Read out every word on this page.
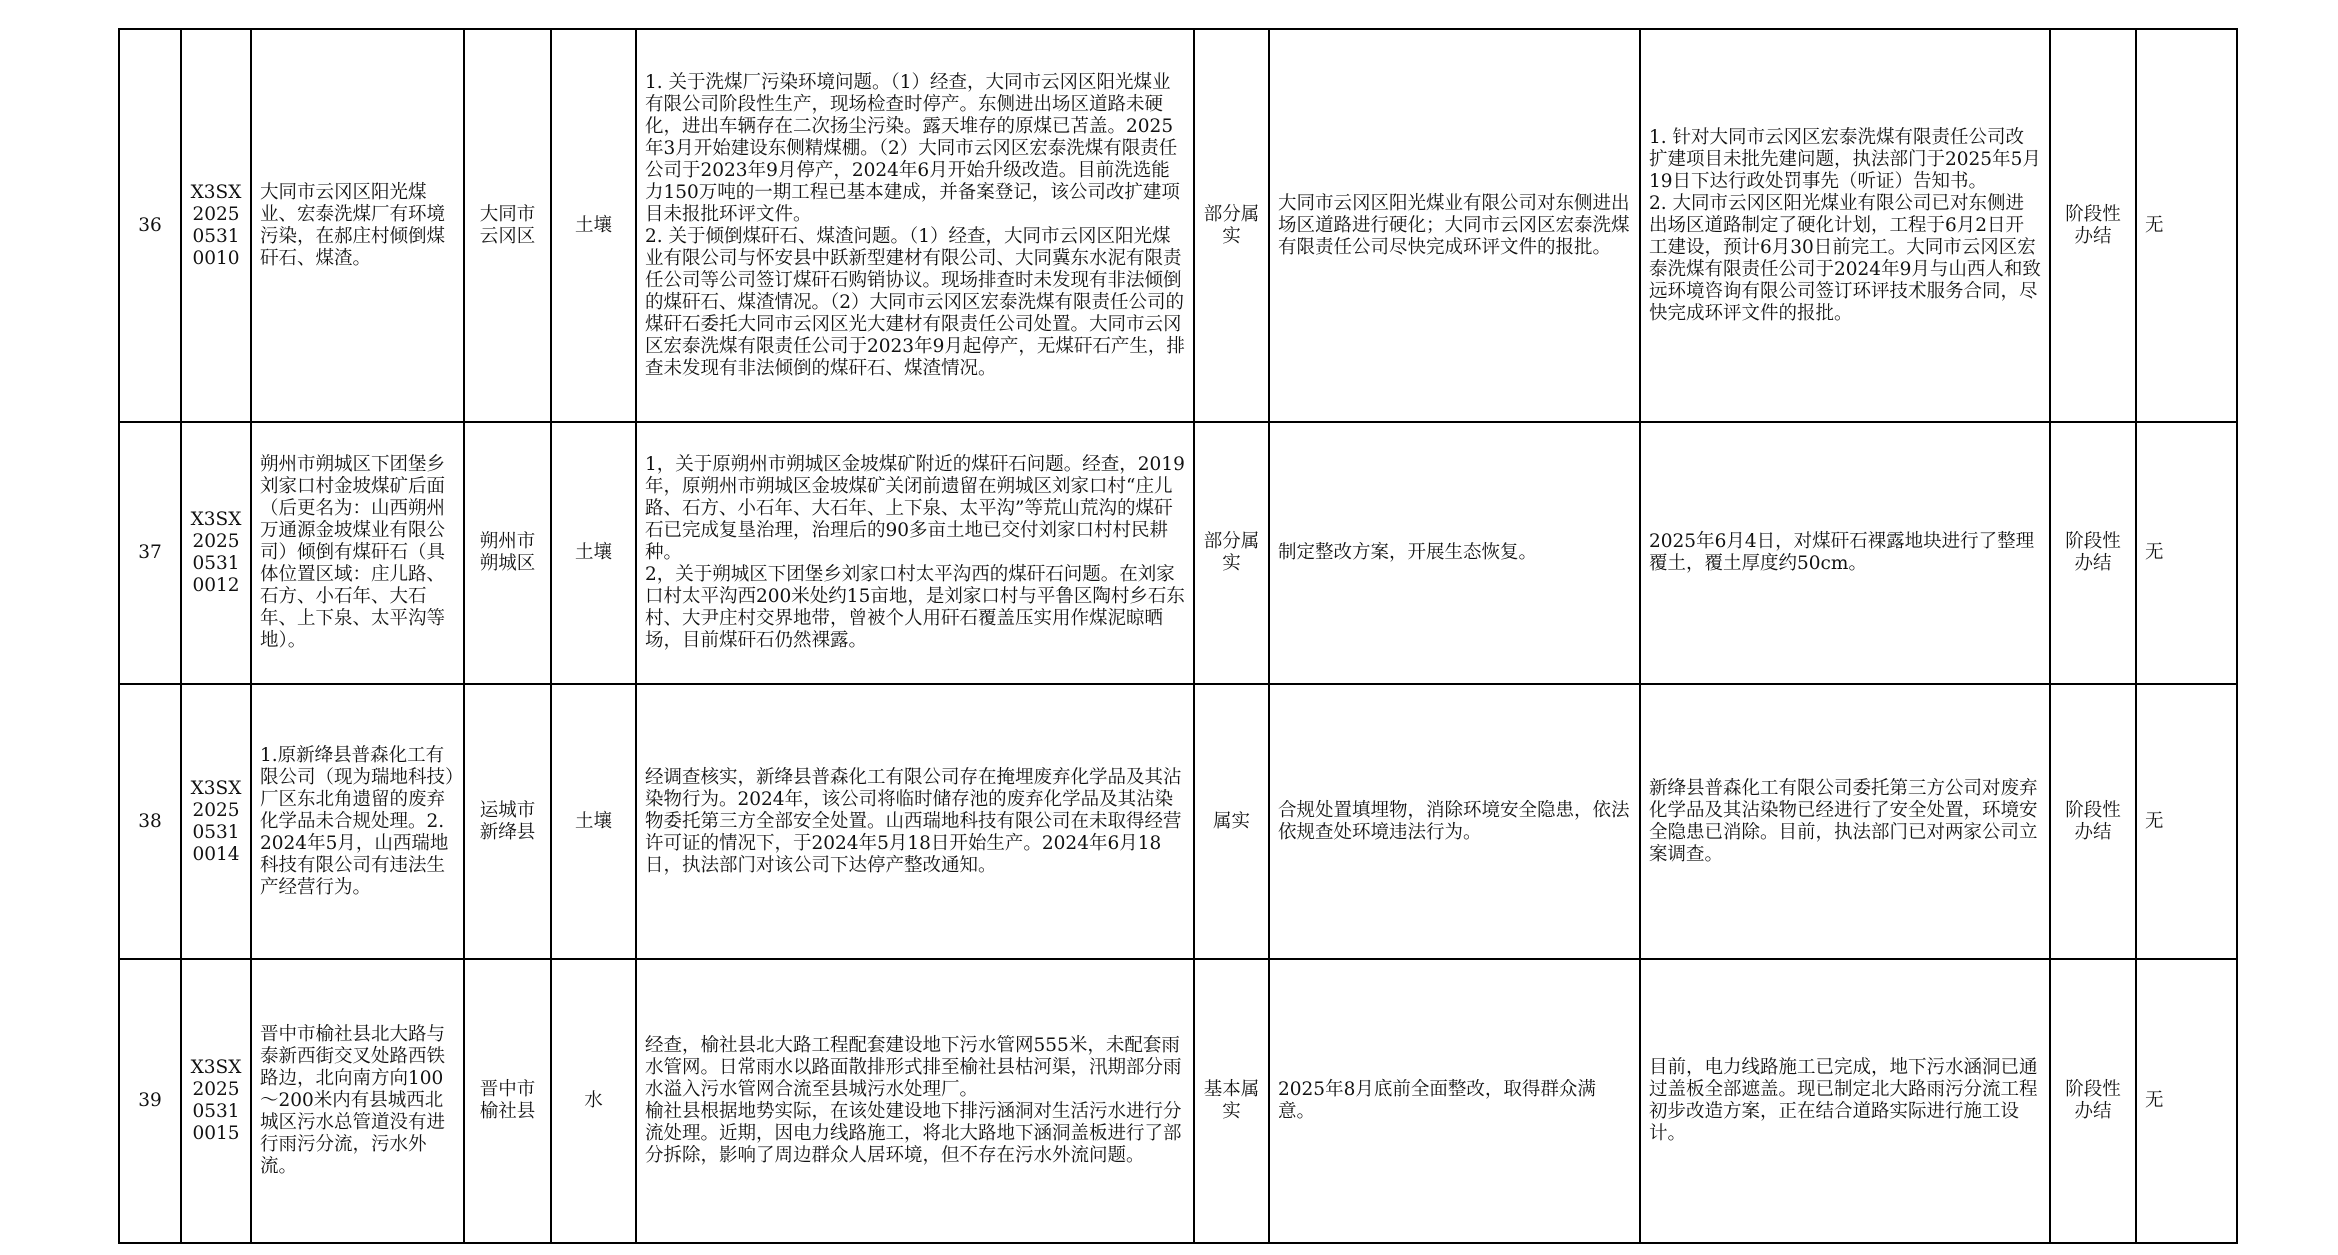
36	X3SX20250531 0010	大同市云冈区阳光煤业、宏泰洗煤厂有环境污染，在郝庄村倾倒煤矸石、煤渣。	大同市云冈区	土壤	1. 关于洗煤厂污染环境问题。（1）经查，大同市云冈区阳光煤业有限公司阶段性生产，现场检查时停产。东侧进出场区道路未硬化，进出车辆存在二次扬尘污染。露天堆存的原煤已苫盖。2025年3月开始建设东侧精煤棚。（2）大同市云冈区宏泰洗煤有限责任公司于2023年9月停产，2024年6月开始升级改造。目前洗选能力150万吨的一期工程已基本建成，并备案登记，该公司改扩建项目未报批环评文件。
2. 关于倾倒煤矸石、煤渣问题。（1）经查，大同市云冈区阳光煤业有限公司与怀安县中跃新型建材有限公司、大同冀东水泥有限责任公司等公司签订煤矸石购销协议。现场排查时未发现有非法倾倒的煤矸石、煤渣情况。（2）大同市云冈区宏泰洗煤有限责任公司的煤矸石委托大同市云冈区光大建材有限责任公司处置。大同市云冈区宏泰洗煤有限责任公司于2023年9月起停产，无煤矸石产生，排查未发现有非法倾倒的煤矸石、煤渣情况。	部分属实	大同市云冈区阳光煤业有限公司对东侧进出场区道路进行硬化；大同市云冈区宏泰洗煤有限责任公司尽快完成环评文件的报批。	1. 针对大同市云冈区宏泰洗煤有限责任公司改扩建项目未批先建问题，执法部门于2025年5月19日下达行政处罚事先（听证）告知书。
2. 大同市云冈区阳光煤业有限公司已对东侧进出场区道路制定了硬化计划，工程于6月2日开工建设，预计6月30日前完工。大同市云冈区宏泰洗煤有限责任公司于2024年9月与山西人和致远环境咨询有限公司签订环评技术服务合同，尽快完成环评文件的报批。	阶段性办结	无
37	X3SX20250531 0012	朔州市朔城区下团堡乡刘家口村金坡煤矿后面（后更名为：山西朔州万通源金坡煤业有限公司）倾倒有煤矸石（具体位置区域：庄儿路、石方、小石年、大石年、上下泉、太平沟等地）。	朔州市朔城区	土壤	1，关于原朔州市朔城区金坡煤矿附近的煤矸石问题。经查，2019年，原朔州市朔城区金坡煤矿关闭前遗留在朔城区刘家口村“庄儿路、石方、小石年、大石年、上下泉、太平沟”等荒山荒沟的煤矸石已完成复垦治理，治理后的90多亩土地已交付刘家口村村民耕种。
2，关于朔城区下团堡乡刘家口村太平沟西的煤矸石问题。在刘家口村太平沟西200米处约15亩地，是刘家口村与平鲁区陶村乡石东村、大尹庄村交界地带，曾被个人用矸石覆盖压实用作煤泥晾晒场，目前煤矸石仍然裸露。	部分属实	制定整改方案，开展生态恢复。	2025年6月4日，对煤矸石裸露地块进行了整理覆土，覆土厚度约50cm。	阶段性办结	无
38	X3SX20250531 0014	1.原新绛县普森化工有限公司（现为瑞地科技）厂区东北角遗留的废弃化学品未合规处理。2.2024年5月，山西瑞地科技有限公司有违法生产经营行为。	运城市新绛县	土壤	经调查核实，新绛县普森化工有限公司存在掩埋废弃化学品及其沾染物行为。2024年，该公司将临时储存池的废弃化学品及其沾染物委托第三方全部安全处置。山西瑞地科技有限公司在未取得经营许可证的情况下，于2024年5月18日开始生产。2024年6月18日，执法部门对该公司下达停产整改通知。	属实	合规处置填埋物，消除环境安全隐患，依法依规查处环境违法行为。	新绛县普森化工有限公司委托第三方公司对废弃化学品及其沾染物已经进行了安全处置，环境安全隐患已消除。目前，执法部门已对两家公司立案调查。	阶段性办结	无
39	X3SX20250531 0015	晋中市榆社县北大路与泰新西街交叉处路西铁路边，北向南方向100～200米内有县城西北城区污水总管道没有进行雨污分流，污水外流。	晋中市榆社县	水	经查，榆社县北大路工程配套建设地下污水管网555米，未配套雨水管网。日常雨水以路面散排形式排至榆社县枯河渠，汛期部分雨水溢入污水管网合流至县城污水处理厂。
榆社县根据地势实际，在该处建设地下排污涵洞对生活污水进行分流处理。近期，因电力线路施工，将北大路地下涵洞盖板进行了部分拆除，影响了周边群众人居环境，但不存在污水外流问题。	基本属实	2025年8月底前全面整改，取得群众满意。	目前，电力线路施工已完成，地下污水涵洞已通过盖板全部遮盖。现已制定北大路雨污分流工程初步改造方案，正在结合道路实际进行施工设计。	阶段性办结	无
